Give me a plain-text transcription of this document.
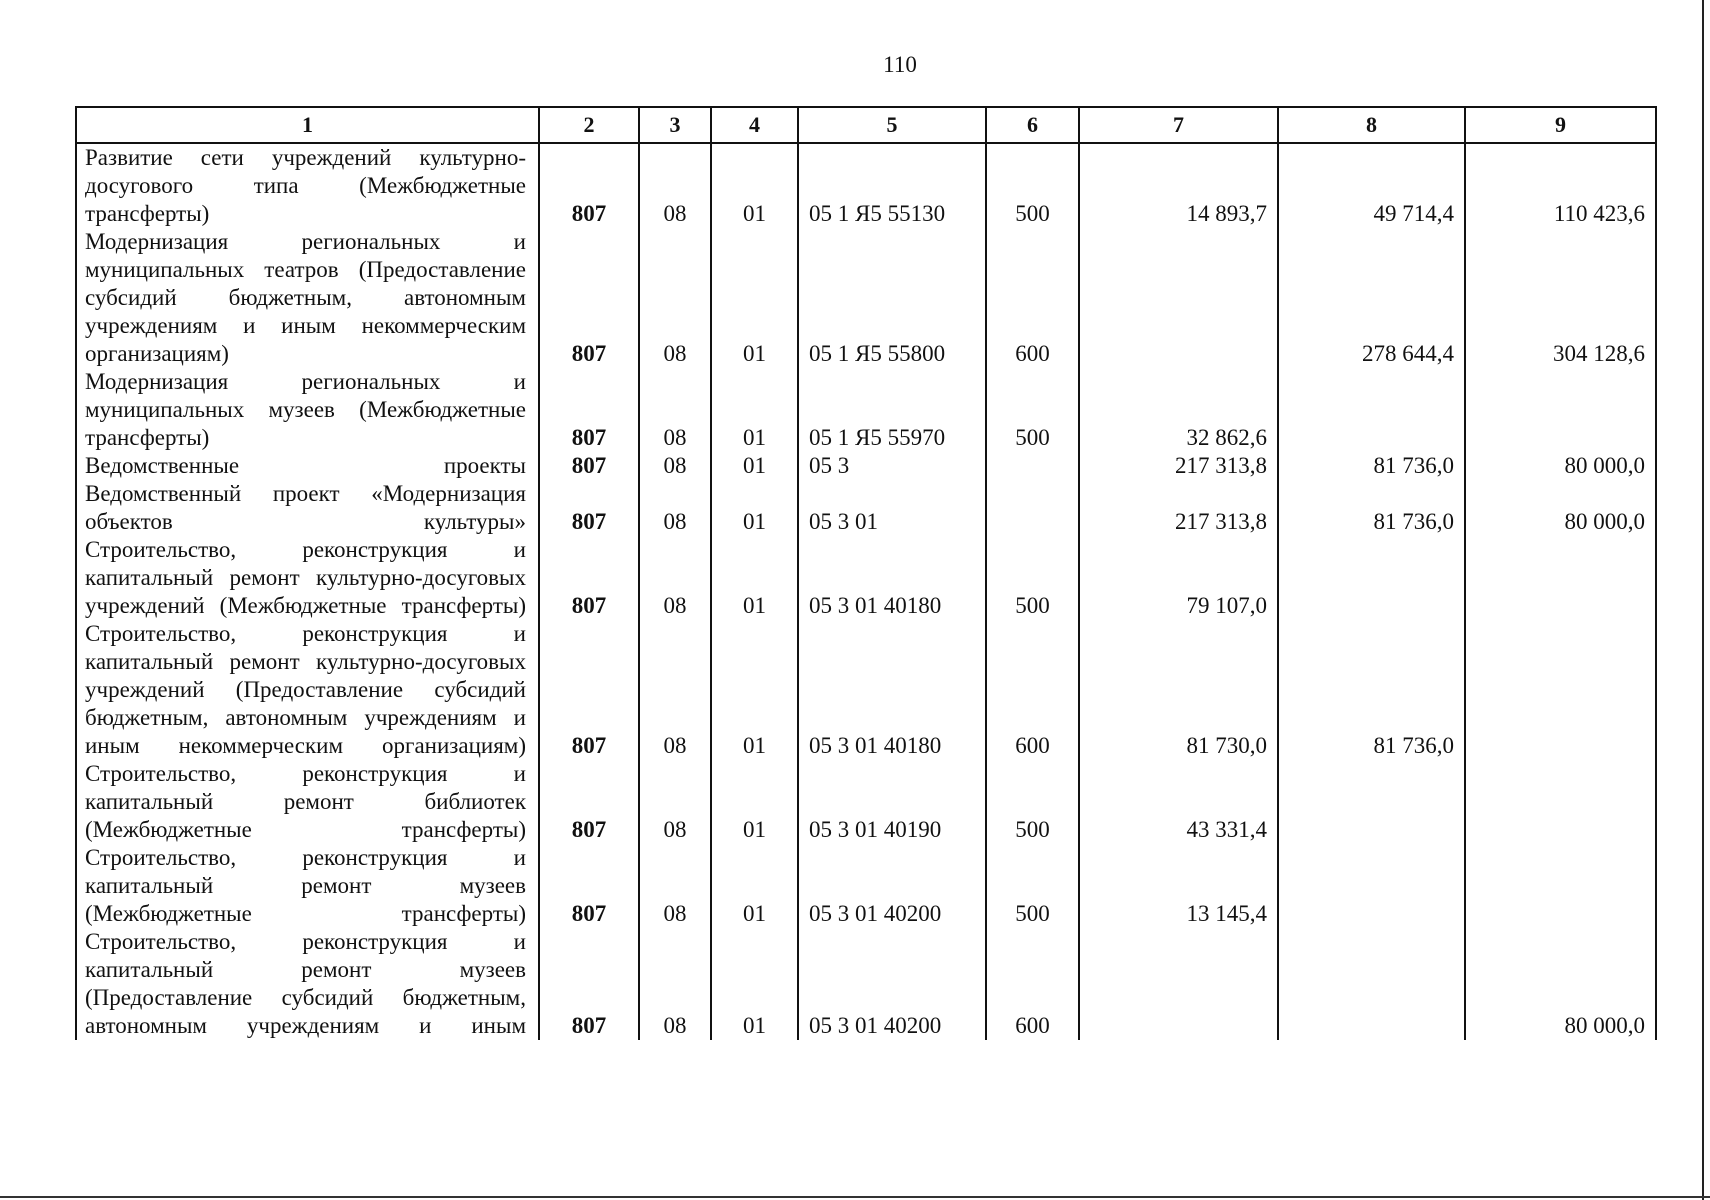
110
1	2	3	4	5	6	7	8	9
Развитие сети учреждений культурно-досугового типа (Межбюджетные трансферты)	807	08	01	05 1 Я5 55130	500	14 893,7	49 714,4	110 423,6
Модернизация региональных и муниципальных театров (Предоставление субсидий бюджетным, автономным учреждениям и иным некоммерческим организациям)	807	08	01	05 1 Я5 55800	600		278 644,4	304 128,6
Модернизация региональных и муниципальных музеев (Межбюджетные трансферты)	807	08	01	05 1 Я5 55970	500	32 862,6		
Ведомственные проекты	807	08	01	05 3		217 313,8	81 736,0	80 000,0
Ведомственный проект «Модернизация объектов культуры»	807	08	01	05 3 01		217 313,8	81 736,0	80 000,0
Строительство, реконструкция и капитальный ремонт культурно-досуговых учреждений (Межбюджетные трансферты)	807	08	01	05 3 01 40180	500	79 107,0		
Строительство, реконструкция и капитальный ремонт культурно-досуговых учреждений (Предоставление субсидий бюджетным, автономным учреждениям и иным некоммерческим организациям)	807	08	01	05 3 01 40180	600	81 730,0	81 736,0	
Строительство, реконструкция и капитальный ремонт библиотек (Межбюджетные трансферты)	807	08	01	05 3 01 40190	500	43 331,4		
Строительство, реконструкция и капитальный ремонт музеев (Межбюджетные трансферты)	807	08	01	05 3 01 40200	500	13 145,4		
Строительство, реконструкция и капитальный ремонт музеев (Предоставление субсидий бюджетным, автономным учреждениям и иным	807	08	01	05 3 01 40200	600			80 000,0
